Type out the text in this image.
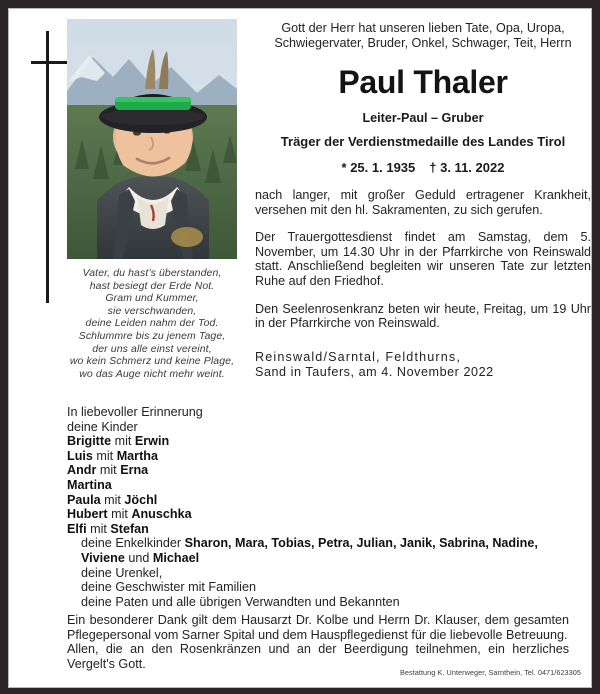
Vater, du hast’s überstanden,
hast besiegt der Erde Not.
Gram und Kummer,
sie verschwanden,
deine Leiden nahm der Tod.
Schlummre bis zu jenem Tage,
der uns alle einst vereint,
wo kein Schmerz und keine Plage,
wo das Auge nicht mehr weint.
Gott der Herr hat unseren lieben Tate, Opa, Uropa,
Schwiegervater, Bruder, Onkel, Schwager, Teit, Herrn
Paul Thaler
Leiter-Paul – Gruber
Träger der Verdienstmedaille des Landes Tirol
* 25. 1. 1935 † 3. 11. 2022
nach langer, mit großer Geduld ertragener Krankheit, versehen mit den hl. Sakramenten, zu sich gerufen.
Der Trauergottesdienst findet am Samstag, dem 5. November, um 14.30 Uhr in der Pfarrkirche von Reinswald statt. Anschließend begleiten wir unseren Tate zur letzten Ruhe auf den Friedhof.
Den Seelenrosenkranz beten wir heute, Freitag, um 19 Uhr in der Pfarrkirche von Reinswald.
Reinswald/Sarntal, Feldthurns,
Sand in Taufers, am 4. November 2022
In liebevoller Erinnerung
deine Kinder
Brigitte mit Erwin
Luis mit Martha
Andr mit Erna
Martina
Paula mit Jöchl
Hubert mit Anuschka
Elfi mit Stefan
deine Enkelkinder Sharon, Mara, Tobias, Petra, Julian, Janik, Sabrina, Nadine, Viviene und Michael
deine Urenkel,
deine Geschwister mit Familien
deine Paten und alle übrigen Verwandten und Bekannten
Ein besonderer Dank gilt dem Hausarzt Dr. Kolbe und Herrn Dr. Klauser, dem gesamten Pflegepersonal vom Sarner Spital und dem Hauspflegedienst für die liebevolle Betreuung.
Allen, die an den Rosenkränzen und an der Beerdigung teilnehmen, ein herzliches Vergelt's Gott.
Bestattung K. Unterweger, Sarnthein, Tel. 0471/623305
